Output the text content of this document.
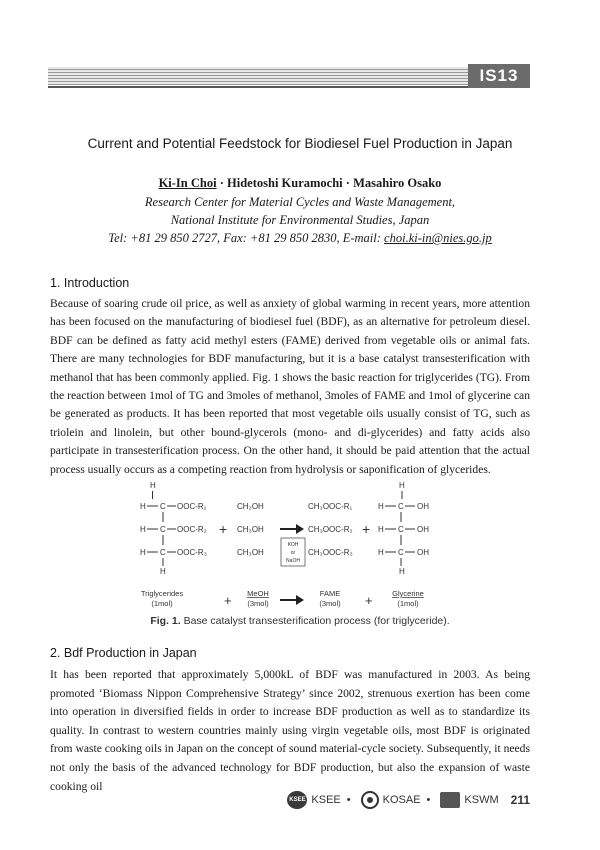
IS13
Current and Potential Feedstock for Biodiesel Fuel Production in Japan
Ki-In Choi · Hidetoshi Kuramochi · Masahiro Osako
Research Center for Material Cycles and Waste Management,
National Institute for Environmental Studies, Japan
Tel: +81 29 850 2727, Fax: +81 29 850 2830, E-mail: choi.ki-in@nies.go.jp
1. Introduction
Because of soaring crude oil price, as well as anxiety of global warming in recent years, more attention has been focused on the manufacturing of biodiesel fuel (BDF), as an alternative for petroleum diesel. BDF can be defined as fatty acid methyl esters (FAME) derived from vegetable oils or animal fats. There are many technologies for BDF manufacturing, but it is a base catalyst transesterification with methanol that has been commonly applied. Fig. 1 shows the basic reaction for triglycerides (TG). From the reaction between 1mol of TG and 3moles of methanol, 3moles of FAME and 1mol of glycerine can be generated as products. It has been reported that most vegetable oils usually consist of TG, such as triolein and linolein, but other bound-glycerols (mono- and di-glycerides) and fatty acids also participate in transesterification process. On the other hand, it should be paid attention that the actual process usually occurs as a competing reaction from hydrolysis or saponification of glycerides.
H
H C OOC-R₁
H C OOC-R₂
H C OOC-R₃
H
+
CH₃OH
CH₃OH
CH₃OH
KOH
or
NaOH
CH₃OOC-R₁
CH₃OOC-R₂
CH₃OOC-R₃
+
H
H C OH
H C OH
H C OH
H
Triglycerides
(1mol)
MeOH
(3mol)
FAME
(3mol)
Glycerine
(1mol)
+	+
Fig. 1. Base catalyst transesterification process (for triglyceride).
2. Bdf Production in Japan
It has been reported that approximately 5,000kL of BDF was manufactured in 2003. As being promoted ‘Biomass Nippon Comprehensive Strategy’ since 2002, strenuous exertion has been come into operation in diversified fields in order to increase BDF production as well as to standardize its quality. In contrast to western countries mainly using virgin vegetable oils, most BDF is originated from waste cooking oils in Japan on the concept of sound material-cycle society. Subsequently, it needs not only the basis of the advanced technology for BDF production, but also the expansion of waste cooking oil
KSEE KSEE •	KOSAE •	KSWM 211
